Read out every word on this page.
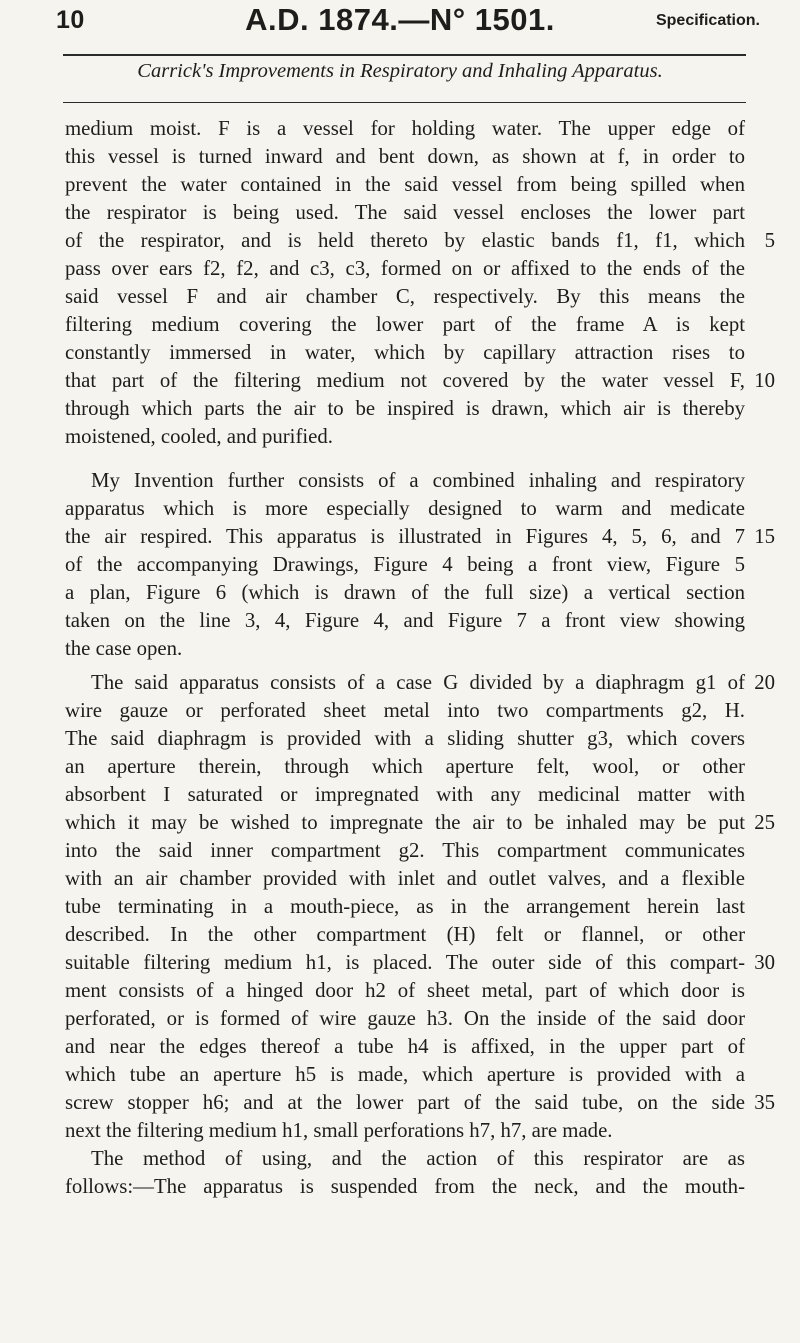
10	A.D. 1874.—N° 1501.	Specification.
Carrick's Improvements in Respiratory and Inhaling Apparatus.
medium moist. F is a vessel for holding water. The upper edge of
this vessel is turned inward and bent down, as shown at f, in order to
prevent the water contained in the said vessel from being spilled when
the respirator is being used. The said vessel encloses the lower part
of the respirator, and is held thereto by elastic bands f1, f1, which 5
pass over ears f2, f2, and c3, c3, formed on or affixed to the ends of the
said vessel F and air chamber C, respectively. By this means the
filtering medium covering the lower part of the frame A is kept
constantly immersed in water, which by capillary attraction rises to
that part of the filtering medium not covered by the water vessel F, 10
through which parts the air to be inspired is drawn, which air is thereby
moistened, cooled, and purified.
My Invention further consists of a combined inhaling and respiratory
apparatus which is more especially designed to warm and medicate
the air respired. This apparatus is illustrated in Figures 4, 5, 6, and 7 15
of the accompanying Drawings, Figure 4 being a front view, Figure 5
a plan, Figure 6 (which is drawn of the full size) a vertical section
taken on the line 3, 4, Figure 4, and Figure 7 a front view showing
the case open.
The said apparatus consists of a case G divided by a diaphragm g1 of 20
wire gauze or perforated sheet metal into two compartments g2, H.
The said diaphragm is provided with a sliding shutter g3, which covers
an aperture therein, through which aperture felt, wool, or other
absorbent I saturated or impregnated with any medicinal matter with
which it may be wished to impregnate the air to be inhaled may be put 25
into the said inner compartment g2. This compartment communicates
with an air chamber provided with inlet and outlet valves, and a flexible
tube terminating in a mouth-piece, as in the arrangement herein last
described. In the other compartment (H) felt or flannel, or other
suitable filtering medium h1, is placed. The outer side of this compart- 30
ment consists of a hinged door h2 of sheet metal, part of which door is
perforated, or is formed of wire gauze h3. On the inside of the said door
and near the edges thereof a tube h4 is affixed, in the upper part of
which tube an aperture h5 is made, which aperture is provided with a
screw stopper h6; and at the lower part of the said tube, on the side 35
next the filtering medium h1, small perforations h7, h7, are made.
The method of using, and the action of this respirator are as
follows:—The apparatus is suspended from the neck, and the mouth-
